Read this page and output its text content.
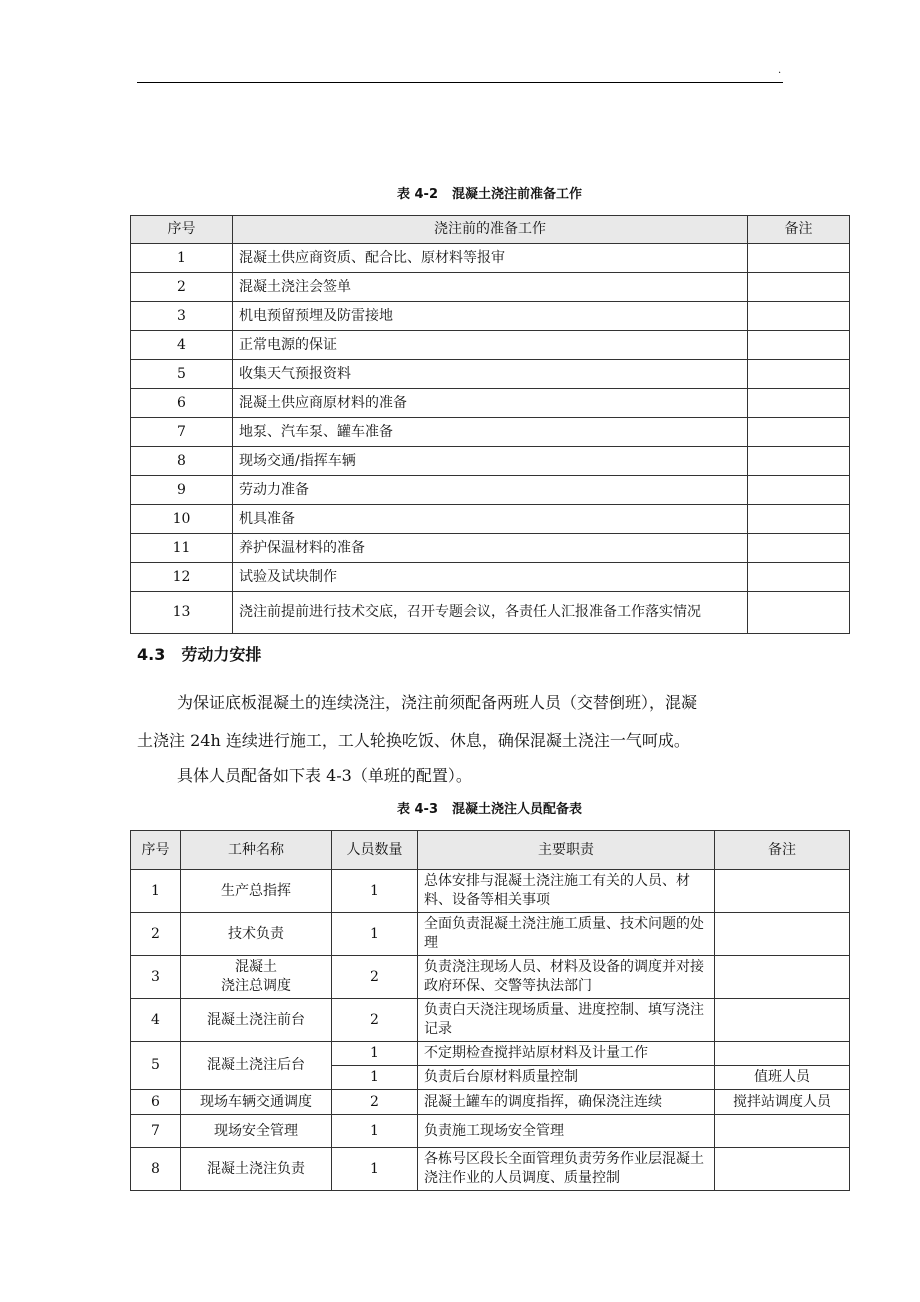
.
表 4-2 混凝土浇注前准备工作
序号	浇注前的准备工作	备注
1	混凝土供应商资质、配合比、原材料等报审	
2	混凝土浇注会签单	
3	机电预留预埋及防雷接地	
4	正常电源的保证	
5	收集天气预报资料	
6	混凝土供应商原材料的准备	
7	地泵、汽车泵、罐车准备	
8	现场交通/指挥车辆	
9	劳动力准备	
10	机具准备	
11	养护保温材料的准备	
12	试验及试块制作	
13	浇注前提前进行技术交底，召开专题会议，各责任人汇报准备工作落实情况	
4.3 劳动力安排
为保证底板混凝土的连续浇注，浇注前须配备两班人员（交替倒班），混凝
土浇注 24h 连续进行施工，工人轮换吃饭、休息，确保混凝土浇注一气呵成。
具体人员配备如下表 4-3（单班的配置）。
表 4-3 混凝土浇注人员配备表
序号	工种名称	人员数量	主要职责	备注
1	生产总指挥	1	总体安排与混凝土浇注施工有关的人员、材料、设备等相关事项	
2	技术负责	1	全面负责混凝土浇注施工质量、技术问题的处理	
3	混凝土
浇注总调度	2	负责浇注现场人员、材料及设备的调度并对接政府环保、交警等执法部门	
4	混凝土浇注前台	2	负责白天浇注现场质量、进度控制、填写浇注记录	
5	混凝土浇注后台	1	不定期检查搅拌站原材料及计量工作	
		1	负责后台原材料质量控制	值班人员
6	现场车辆交通调度	2	混凝土罐车的调度指挥，确保浇注连续	搅拌站调度人员
7	现场安全管理	1	负责施工现场安全管理	
8	混凝土浇注负责	1	各栋号区段长全面管理负责劳务作业层混凝土浇注作业的人员调度、质量控制	
